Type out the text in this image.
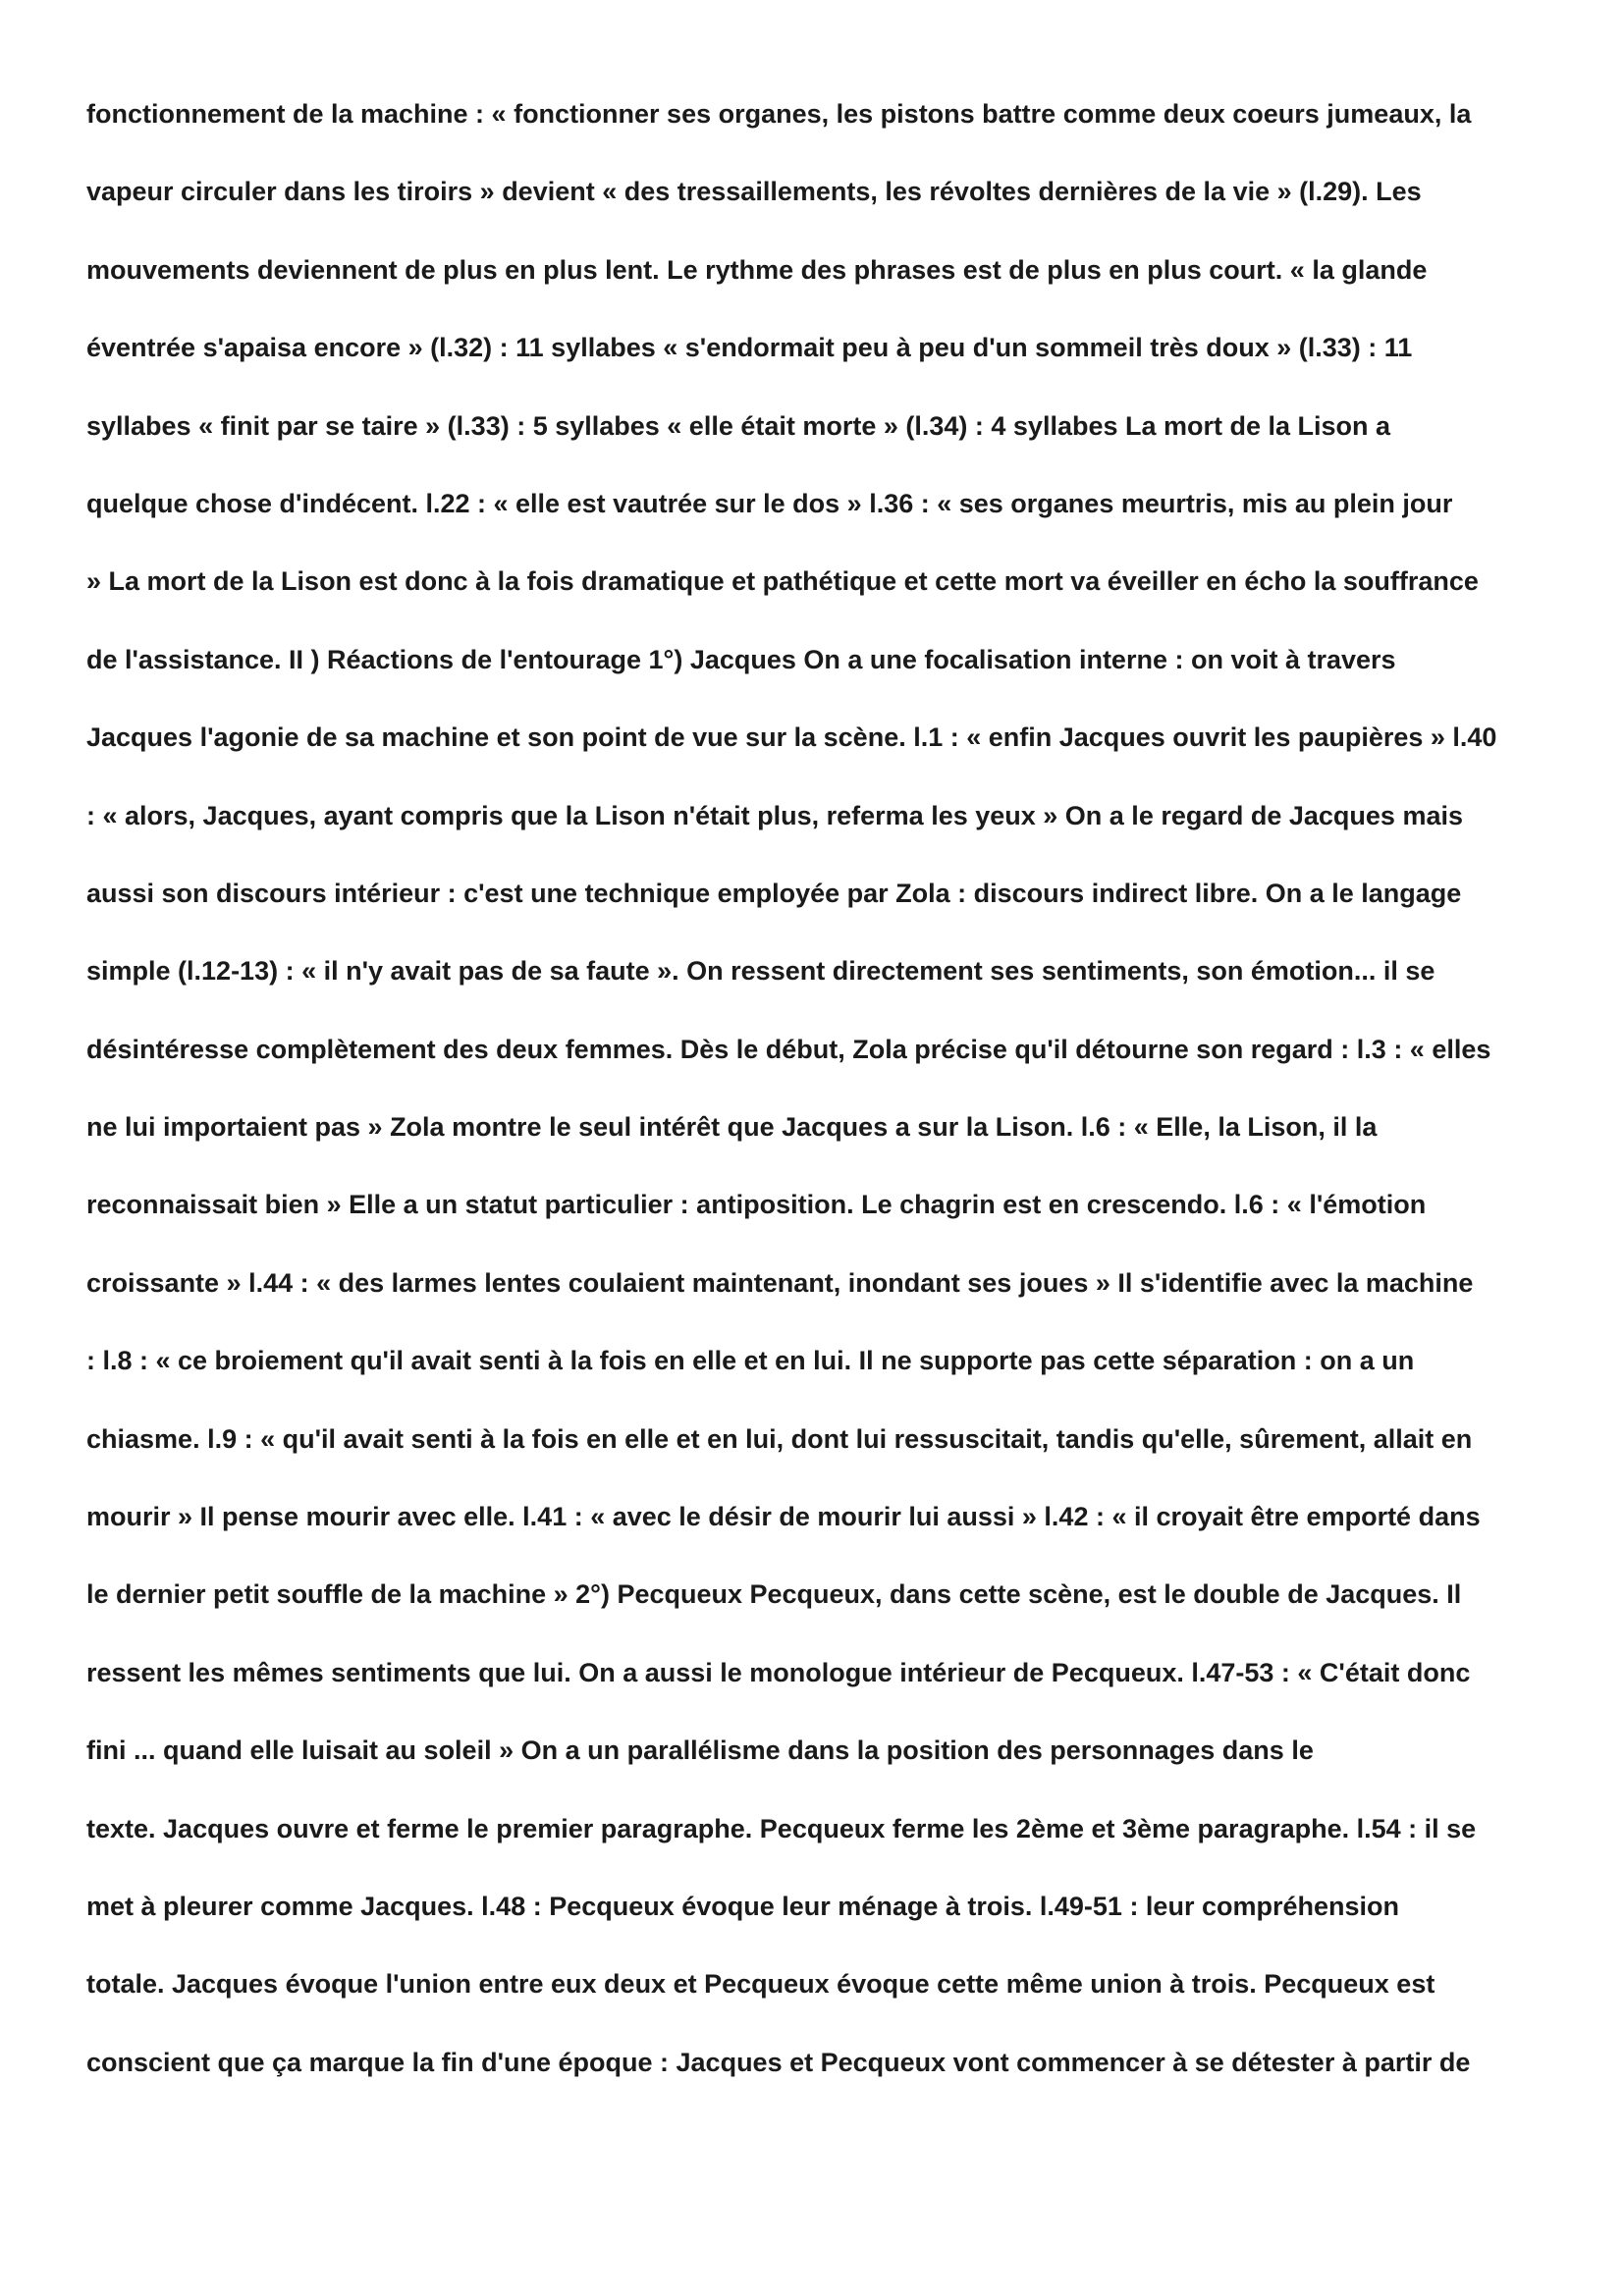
fonctionnement de la machine : « fonctionner ses organes, les pistons battre comme deux coeurs jumeaux, la
vapeur circuler dans les tiroirs » devient « des tressaillements, les révoltes dernières de la vie » (l.29). Les
mouvements deviennent de plus en plus lent. Le rythme des phrases est de plus en plus court. « la glande
éventrée s'apaisa encore » (l.32) : 11 syllabes « s'endormait peu à peu d'un sommeil très doux » (l.33) : 11
syllabes « finit par se taire » (l.33) : 5 syllabes « elle était morte » (l.34) : 4 syllabes La mort de la Lison a
quelque chose d'indécent. l.22 : « elle est vautrée sur le dos » l.36 : « ses organes meurtris, mis au plein jour
» La mort de la Lison est donc à la fois dramatique et pathétique et cette mort va éveiller en écho la souffrance
de l'assistance. II ) Réactions de l'entourage 1°) Jacques On a une focalisation interne : on voit à travers
Jacques l'agonie de sa machine et son point de vue sur la scène. l.1 : « enfin Jacques ouvrit les paupières » l.40
: « alors, Jacques, ayant compris que la Lison n'était plus, referma les yeux » On a le regard de Jacques mais
aussi son discours intérieur : c'est une technique employée par Zola : discours indirect libre. On a le langage
simple (l.12-13) : « il n'y avait pas de sa faute ». On ressent directement ses sentiments, son émotion... il se
désintéresse complètement des deux femmes. Dès le début, Zola précise qu'il détourne son regard : l.3 : « elles
ne lui importaient pas » Zola montre le seul intérêt que Jacques a sur la Lison. l.6 : « Elle, la Lison, il la
reconnaissait bien » Elle a un statut particulier : antiposition. Le chagrin est en crescendo. l.6 : « l'émotion
croissante » l.44 : « des larmes lentes coulaient maintenant, inondant ses joues » Il s'identifie avec la machine
: l.8 : « ce broiement qu'il avait senti à la fois en elle et en lui. Il ne supporte pas cette séparation : on a un
chiasme. l.9 : « qu'il avait senti à la fois en elle et en lui, dont lui ressuscitait, tandis qu'elle, sûrement, allait en
mourir » Il pense mourir avec elle. l.41 : « avec le désir de mourir lui aussi » l.42 : « il croyait être emporté dans
le dernier petit souffle de la machine » 2°) Pecqueux Pecqueux, dans cette scène, est le double de Jacques. Il
ressent les mêmes sentiments que lui. On a aussi le monologue intérieur de Pecqueux. l.47-53 : « C'était donc
fini ... quand elle luisait au soleil » On a un parallélisme dans la position des personnages dans le
texte. Jacques ouvre et ferme le premier paragraphe. Pecqueux ferme les 2ème et 3ème paragraphe. l.54 : il se
met à pleurer comme Jacques. l.48 : Pecqueux évoque leur ménage à trois. l.49-51 : leur compréhension
totale. Jacques évoque l'union entre eux deux et Pecqueux évoque cette même union à trois. Pecqueux est
conscient que ça marque la fin d'une époque : Jacques et Pecqueux vont commencer à se détester à partir de
